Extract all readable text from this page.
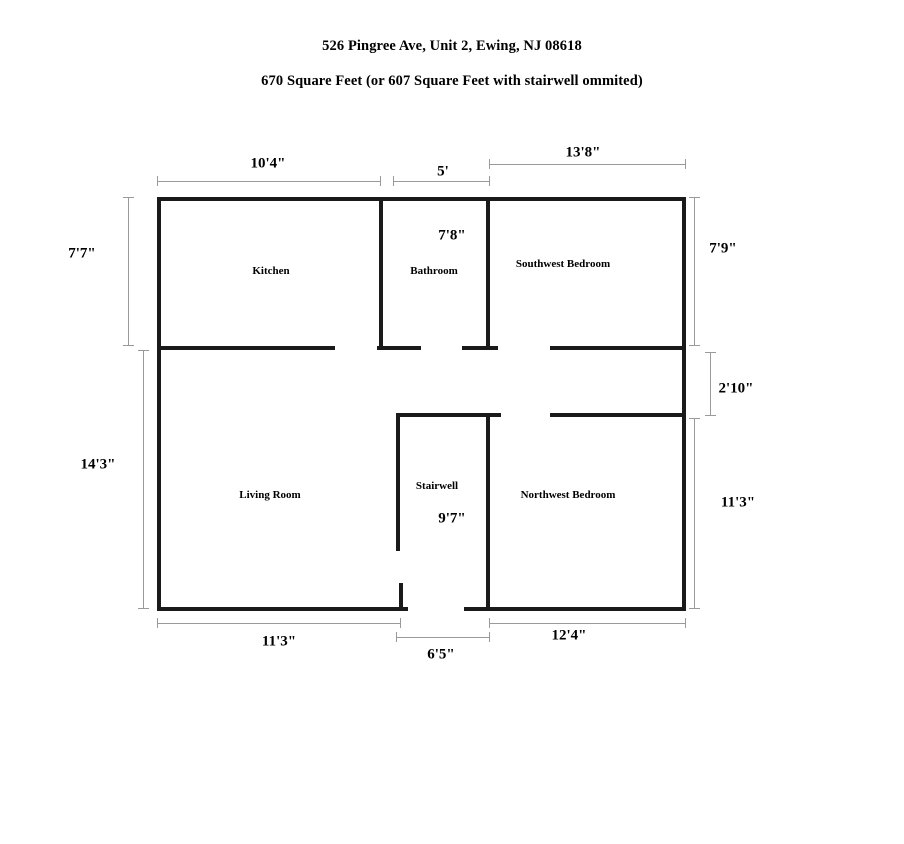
526 Pingree Ave, Unit 2, Ewing, NJ 08618

670 Square Feet (or 607 Square Feet with stairwell ommited)

Kitchen	Bathroom
Southwest Bedroom
Living Room
Stairwell
Northwest Bedroom
10'4"	5'
13'8"
7'7"
14'3"
7'9"
2'10"
11'3"
7'8"
9'7"
11'3"
6'5"
12'4"
